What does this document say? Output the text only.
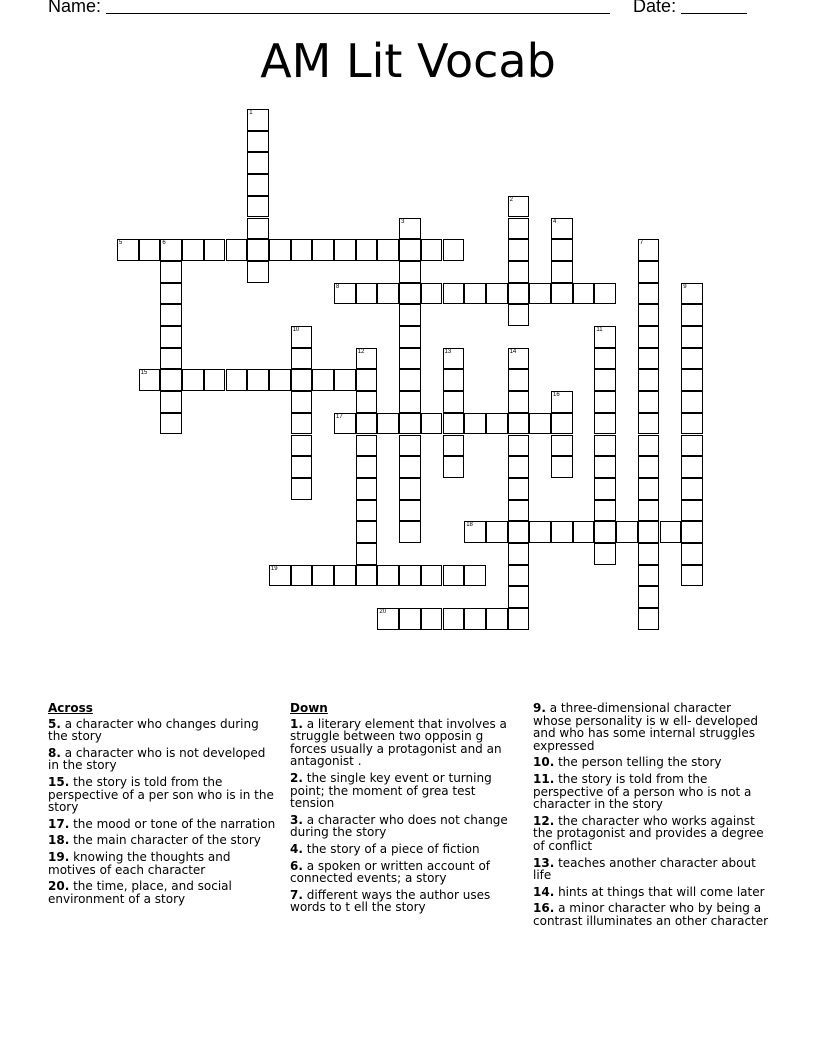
Name:	Date:
AM Lit Vocab
1
2
3	4
5	6	7
8	9
10	11
12	13	14
15
16
17
18
19
20
Across
5. a character who changes during the story
8. a character who is not developed in the story
15. the story is told from the perspective of a per son who is in the story
17. the mood or tone of the narration
18. the main character of the story
19. knowing the thoughts and motives of each character
20. the time, place, and social environment of a story
Down
1. a literary element that involves a struggle between two opposin g forces usually a protagonist and an antagonist .
2. the single key event or turning point; the moment of grea test tension
3. a character who does not change during the story
4. the story of a piece of fiction
6. a spoken or written account of connected events; a story
7. different ways the author uses words to t ell the story
9. a three-dimensional character whose personality is w ell- developed and who has some internal struggles expressed
10. the person telling the story
11. the story is told from the perspective of a person who is not a character in the story
12. the character who works against the protagonist and provides a degree of conflict
13. teaches another character about life
14. hints at things that will come later
16. a minor character who by being a contrast illuminates an other character
